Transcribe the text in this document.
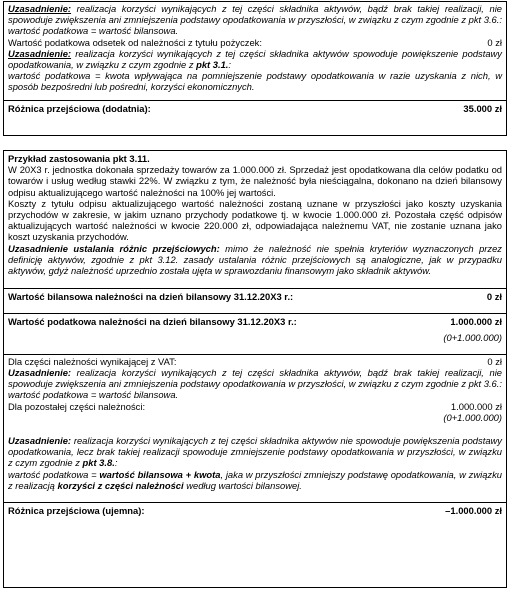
Uzasadnienie: realizacja korzyści wynikających z tej części składnika aktywów, bądź brak takiej realizacji, nie spowoduje zwiększenia ani zmniejszenia podstawy opodatkowania w przyszłości, w związku z czym zgodnie z pkt 3.6.:

wartość podatkowa = wartość bilansowa.

Wartość podatkowa odsetek od należności z tytułu pożyczek:	0 zł

Uzasadnienie: realizacja korzyści wynikających z tej części składnika aktywów spowoduje powiększenie podstawy opodatkowania, w związku z czym zgodnie z pkt 3.1.:

wartość podatkowa = kwota wpływająca na pomniejszenie podstawy opodatkowania w razie uzyskania z nich, w sposób bezpośredni lub pośredni, korzyści ekonomicznych.

Różnica przejściowa (dodatnia):	35.000 zł

Przykład zastosowania pkt 3.11.

W 20X3 r. jednostka dokonała sprzedaży towarów za 1.000.000 zł. Sprzedaż jest opodatkowana dla celów podatku od towarów i usług według stawki 22%. W związku z tym, że należność była nieściągalna, dokonano na dzień bilansowy odpisu aktualizującego wartość należności na 100% jej wartości.

Koszty z tytułu odpisu aktualizującego wartość należności zostaną uznane w przyszłości jako koszty uzyskania przychodów w zakresie, w jakim uznano przychody podatkowe tj. w kwocie 1.000.000 zł. Pozostała część odpisów aktualizujących wartość należności w kwocie 220.000 zł, odpowiadająca należnemu VAT, nie zostanie uznana jako koszt uzyskania przychodów.

Uzasadnienie ustalania różnic przejściowych: mimo że należność nie spełnia kryteriów wyznaczonych przez definicję aktywów, zgodnie z pkt 3.12. zasady ustalania różnic przejściowych są analogiczne, jak w przypadku aktywów, gdyż należność uprzednio została ujęta w sprawozdaniu finansowym jako składnik aktywów.

Wartość bilansowa należności na dzień bilansowy 31.12.20X3 r.:	0 zł
Wartość podatkowa należności na dzień bilansowy 31.12.20X3 r.:	1.000.000 zł
(0+1.000.000)
Dla części należności wynikającej z VAT:	0 zł

Uzasadnienie: realizacja korzyści wynikających z tej części składnika aktywów, bądź brak takiej realizacji, nie spowoduje zwiększenia ani zmniejszenia podstawy opodatkowania w przyszłości, w związku z czym zgodnie z pkt 3.6.:

wartość podatkowa = wartość bilansowa.

Dla pozostałej części należności:	1.000.000 zł
(0+1.000.000)

Uzasadnienie: realizacja korzyści wynikających z tej części składnika aktywów nie spowoduje powiększenia podstawy opodatkowania, lecz brak takiej realizacji spowoduje zmniejszenie podstawy opodatkowania w przyszłości, w związku z czym zgodnie z pkt 3.8.:

wartość podatkowa = wartość bilansowa + kwota, jaka w przyszłości zmniejszy podstawę opodatkowania, w związku z realizacją korzyści z części należności według wartości bilansowej.

Różnica przejściowa (ujemna):	–1.000.000 zł
